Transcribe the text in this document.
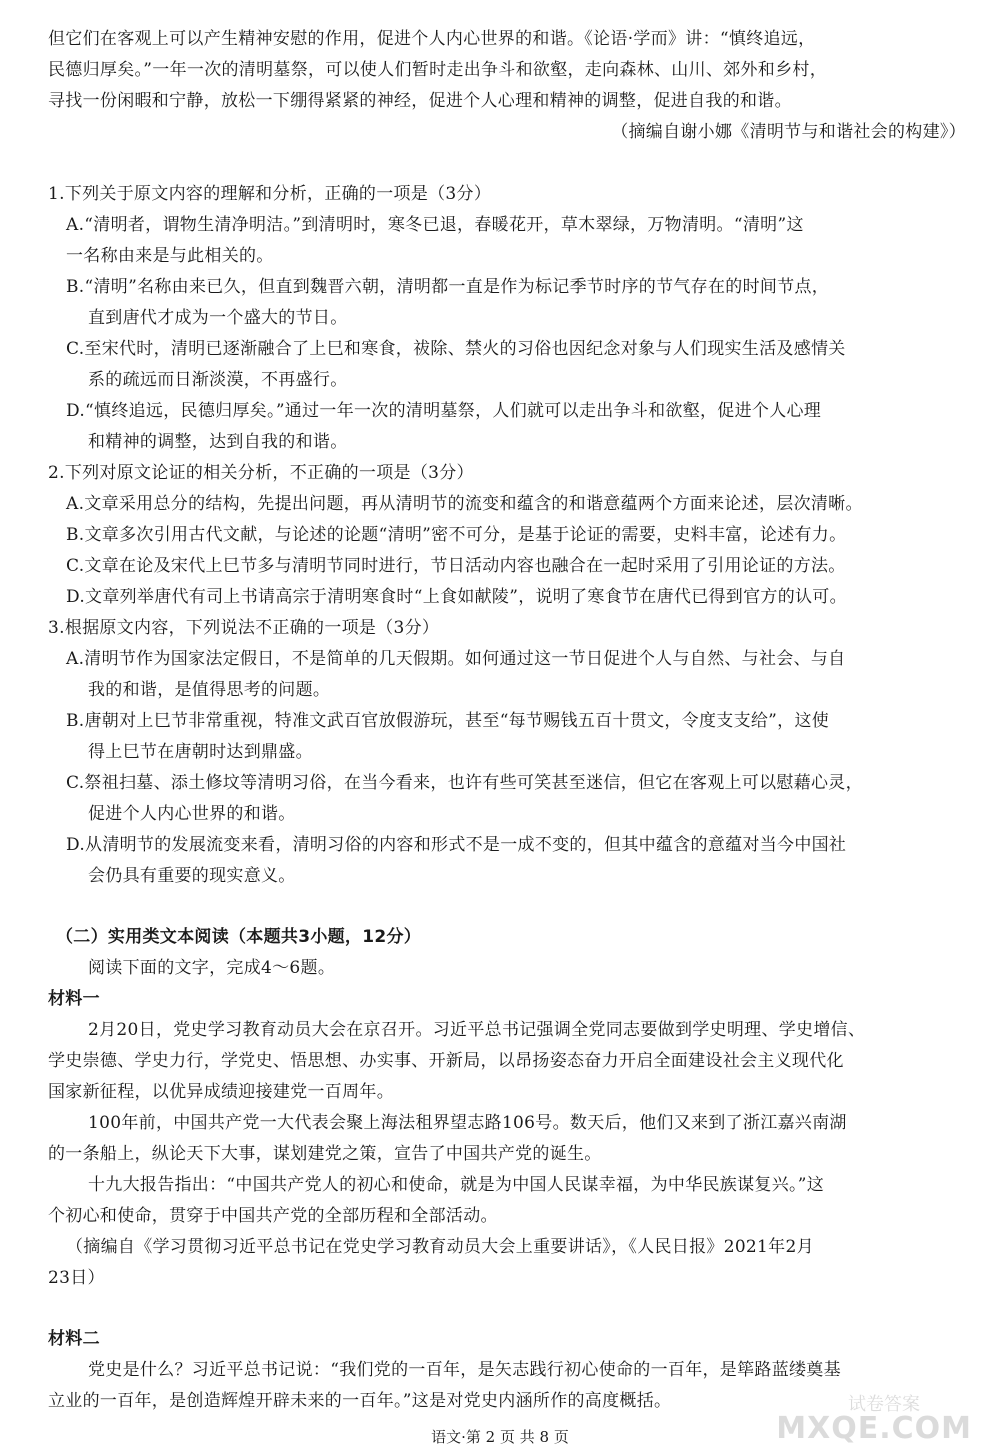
但它们在客观上可以产生精神安慰的作用，促进个人内心世界的和谐。《论语·学而》讲：“慎终追远，
民德归厚矣。”一年一次的清明墓祭，可以使人们暂时走出争斗和欲壑，走向森林、山川、郊外和乡村，
寻找一份闲暇和宁静，放松一下绷得紧紧的神经，促进个人心理和精神的调整，促进自我的和谐。
（摘编自谢小娜《清明节与和谐社会的构建》）
1.下列关于原文内容的理解和分析，正确的一项是（3分）
A.“清明者，谓物生清净明洁。”到清明时，寒冬已退，春暖花开，草木翠绿，万物清明。“清明”这
一名称由来是与此相关的。
B.“清明”名称由来已久，但直到魏晋六朝，清明都一直是作为标记季节时序的节气存在的时间节点，
直到唐代才成为一个盛大的节日。
C.至宋代时，清明已逐渐融合了上巳和寒食，祓除、禁火的习俗也因纪念对象与人们现实生活及感情关
系的疏远而日渐淡漠，不再盛行。
D.“慎终追远，民德归厚矣。”通过一年一次的清明墓祭，人们就可以走出争斗和欲壑，促进个人心理
和精神的调整，达到自我的和谐。
2.下列对原文论证的相关分析，不正确的一项是（3分）
A.文章采用总分的结构，先提出问题，再从清明节的流变和蕴含的和谐意蕴两个方面来论述，层次清晰。
B.文章多次引用古代文献，与论述的论题“清明”密不可分，是基于论证的需要，史料丰富，论述有力。
C.文章在论及宋代上巳节多与清明节同时进行，节日活动内容也融合在一起时采用了引用论证的方法。
D.文章列举唐代有司上书请高宗于清明寒食时“上食如献陵”，说明了寒食节在唐代已得到官方的认可。
3.根据原文内容，下列说法不正确的一项是（3分）
A.清明节作为国家法定假日，不是简单的几天假期。如何通过这一节日促进个人与自然、与社会、与自
我的和谐，是值得思考的问题。
B.唐朝对上巳节非常重视，特准文武百官放假游玩，甚至“每节赐钱五百十贯文，令度支支给”，这使
得上巳节在唐朝时达到鼎盛。
C.祭祖扫墓、添土修坟等清明习俗，在当今看来，也许有些可笑甚至迷信，但它在客观上可以慰藉心灵，
促进个人内心世界的和谐。
D.从清明节的发展流变来看，清明习俗的内容和形式不是一成不变的，但其中蕴含的意蕴对当今中国社
会仍具有重要的现实意义。
（二）实用类文本阅读（本题共3小题，12分）
阅读下面的文字，完成4～6题。
材料一
2月20日，党史学习教育动员大会在京召开。习近平总书记强调全党同志要做到学史明理、学史增信、
学史崇德、学史力行，学党史、悟思想、办实事、开新局，以昂扬姿态奋力开启全面建设社会主义现代化
国家新征程，以优异成绩迎接建党一百周年。
100年前，中国共产党一大代表会聚上海法租界望志路106号。数天后，他们又来到了浙江嘉兴南湖
的一条船上，纵论天下大事，谋划建党之策，宣告了中国共产党的诞生。
十九大报告指出：“中国共产党人的初心和使命，就是为中国人民谋幸福，为中华民族谋复兴。”这
个初心和使命，贯穿于中国共产党的全部历程和全部活动。
（摘编自《学习贯彻习近平总书记在党史学习教育动员大会上重要讲话》，《人民日报》2021年2月
23日）
材料二
党史是什么？习近平总书记说：“我们党的一百年，是矢志践行初心使命的一百年，是筚路蓝缕奠基
立业的一百年，是创造辉煌开辟未来的一百年。”这是对党史内涵所作的高度概括。
语文·第 2 页 共 8 页
试卷答案
MXQE.COM
